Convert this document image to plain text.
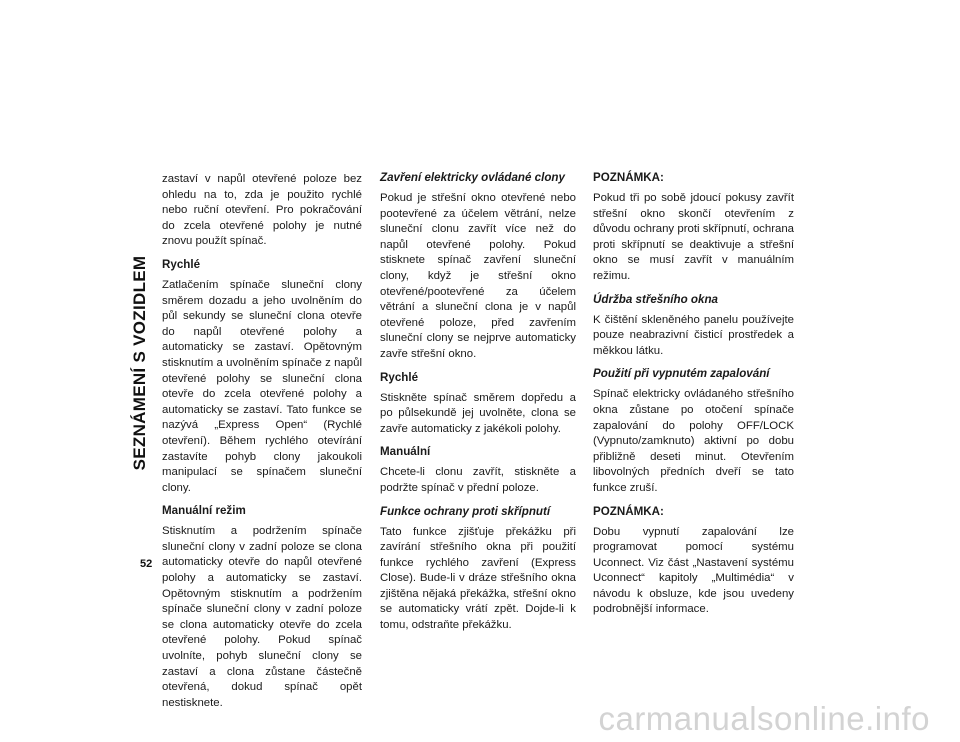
SEZNÁMENÍ S VOZIDLEM
52

zastaví v napůl otevřené poloze bez ohledu na to, zda je použito rychlé nebo ruční otevření. Pro pokračování do zcela otevřené polohy je nutné znovu použít spínač.

Rychlé

Zatlačením spínače sluneční clony směrem dozadu a jeho uvolněním do půl sekundy se sluneční clona otevře do napůl otevřené polohy a automaticky se zastaví. Opětovným stisknutím a uvolněním spínače z napůl otevřené polohy se sluneční clona otevře do zcela otevřené polohy a automaticky se zastaví. Tato funkce se nazývá „Express Open“ (Rychlé otevření). Během rychlého otevírání zastavíte pohyb clony jakoukoli manipulací se spínačem sluneční clony.

Manuální režim

Stisknutím a podržením spínače sluneční clony v zadní poloze se clona automaticky otevře do napůl otevřené polohy a automaticky se zastaví. Opětovným stisknutím a podržením spínače sluneční clony v zadní poloze se clona automaticky otevře do zcela otevřené polohy. Pokud spínač uvolníte, pohyb sluneční clony se zastaví a clona zůstane částečně otevřená, dokud spínač opět nestisknete.

Zavření elektricky ovládané clony

Pokud je střešní okno otevřené nebo pootevřené za účelem větrání, nelze sluneční clonu zavřít více než do napůl otevřené polohy. Pokud stisknete spínač zavření sluneční clony, když je střešní okno otevřené/pootevřené za účelem větrání a sluneční clona je v napůl otevřené poloze, před zavřením sluneční clony se nejprve automaticky zavře střešní okno.

Rychlé

Stiskněte spínač směrem dopředu a po půlsekundě jej uvolněte, clona se zavře automaticky z jakékoli polohy.

Manuální

Chcete-li clonu zavřít, stiskněte a podržte spínač v přední poloze.

Funkce ochrany proti skřípnutí

Tato funkce zjišťuje překážku při zavírání střešního okna při použití funkce rychlého zavření (Express Close). Bude-li v dráze střešního okna zjištěna nějaká překážka, střešní okno se automaticky vrátí zpět. Dojde-li k tomu, odstraňte překážku.

POZNÁMKA:

Pokud tři po sobě jdoucí pokusy zavřít střešní okno skončí otevřením z důvodu ochrany proti skřípnutí, ochrana proti skřípnutí se deaktivuje a střešní okno se musí zavřít v manuálním režimu.

Údržba střešního okna

K čištění skleněného panelu používejte pouze neabrazivní čisticí prostředek a měkkou látku.

Použití při vypnutém zapalování

Spínač elektricky ovládaného střešního okna zůstane po otočení spínače zapalování do polohy OFF/LOCK (Vypnuto/zamknuto) aktivní po dobu přibližně deseti minut. Otevřením libovolných předních dveří se tato funkce zruší.

POZNÁMKA:

Dobu vypnutí zapalování lze programovat pomocí systému Uconnect. Viz část „Nastavení systému Uconnect“ kapitoly „Multimédia“ v návodu k obsluze, kde jsou uvedeny podrobnější informace.

carmanualsonline.info
